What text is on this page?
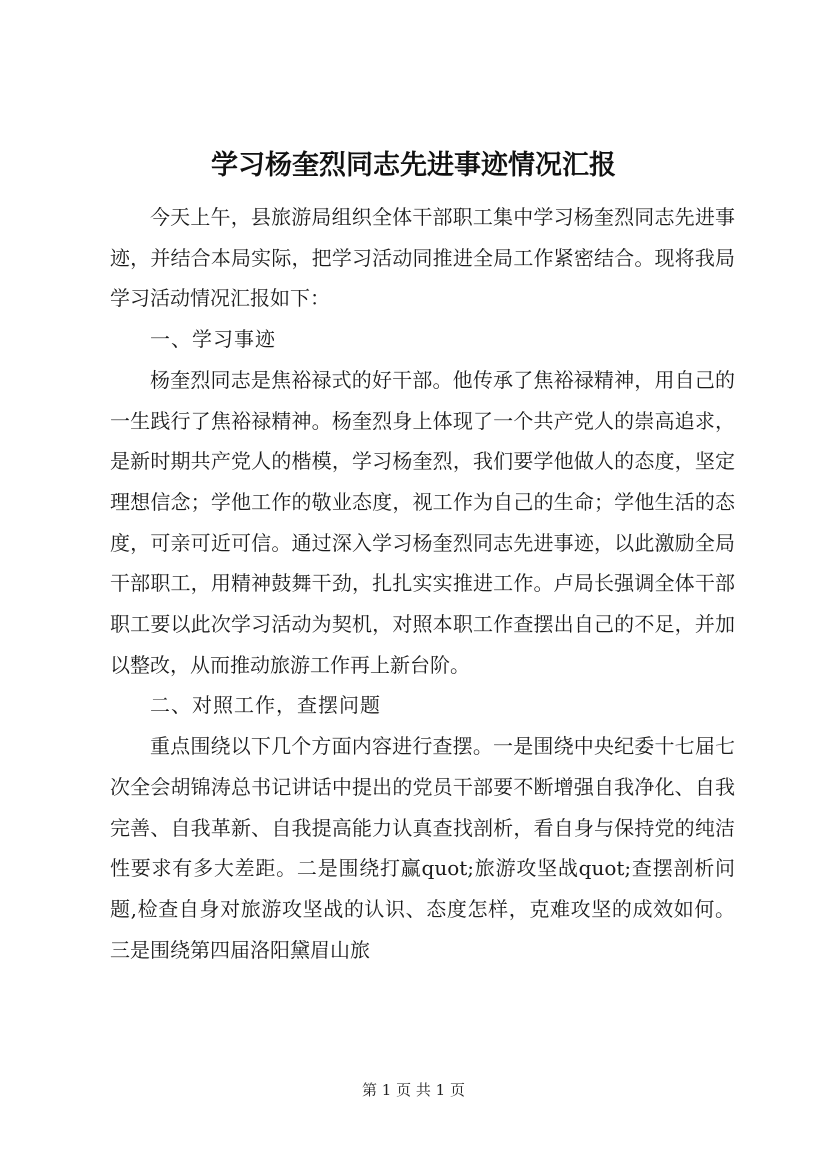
学习杨奎烈同志先进事迹情况汇报

今天上午，县旅游局组织全体干部职工集中学习杨奎烈同志先进事迹，并结合本局实际，把学习活动同推进全局工作紧密结合。现将我局学习活动情况汇报如下：

一、学习事迹

杨奎烈同志是焦裕禄式的好干部。他传承了焦裕禄精神，用自己的一生践行了焦裕禄精神。杨奎烈身上体现了一个共产党人的崇高追求，是新时期共产党人的楷模，学习杨奎烈，我们要学他做人的态度，坚定理想信念；学他工作的敬业态度，视工作为自己的生命；学他生活的态度，可亲可近可信。通过深入学习杨奎烈同志先进事迹，以此激励全局干部职工，用精神鼓舞干劲，扎扎实实推进工作。卢局长强调全体干部职工要以此次学习活动为契机，对照本职工作查摆出自己的不足，并加以整改，从而推动旅游工作再上新台阶。

二、对照工作，查摆问题

重点围绕以下几个方面内容进行查摆。一是围绕中央纪委十七届七次全会胡锦涛总书记讲话中提出的党员干部要不断增强自我净化、自我完善、自我革新、自我提高能力认真查找剖析，看自身与保持党的纯洁性要求有多大差距。二是围绕打赢quot;旅游攻坚战quot;查摆剖析问题,检查自身对旅游攻坚战的认识、态度怎样，克难攻坚的成效如何。三是围绕第四届洛阳黛眉山旅

第 1 页 共 1 页
